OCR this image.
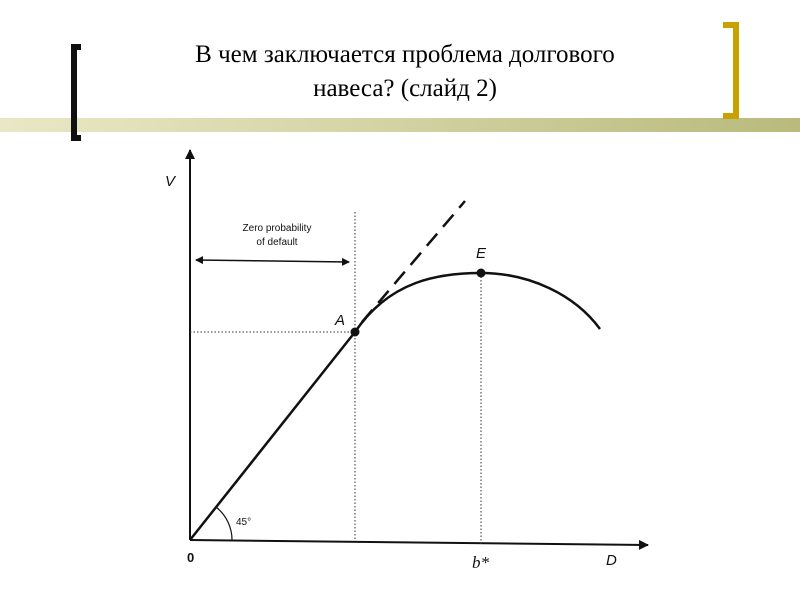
В чем заключается проблема долгового
навеса? (слайд 2)
V
D
0
Zero probability
of default
45°
A
E
b*
